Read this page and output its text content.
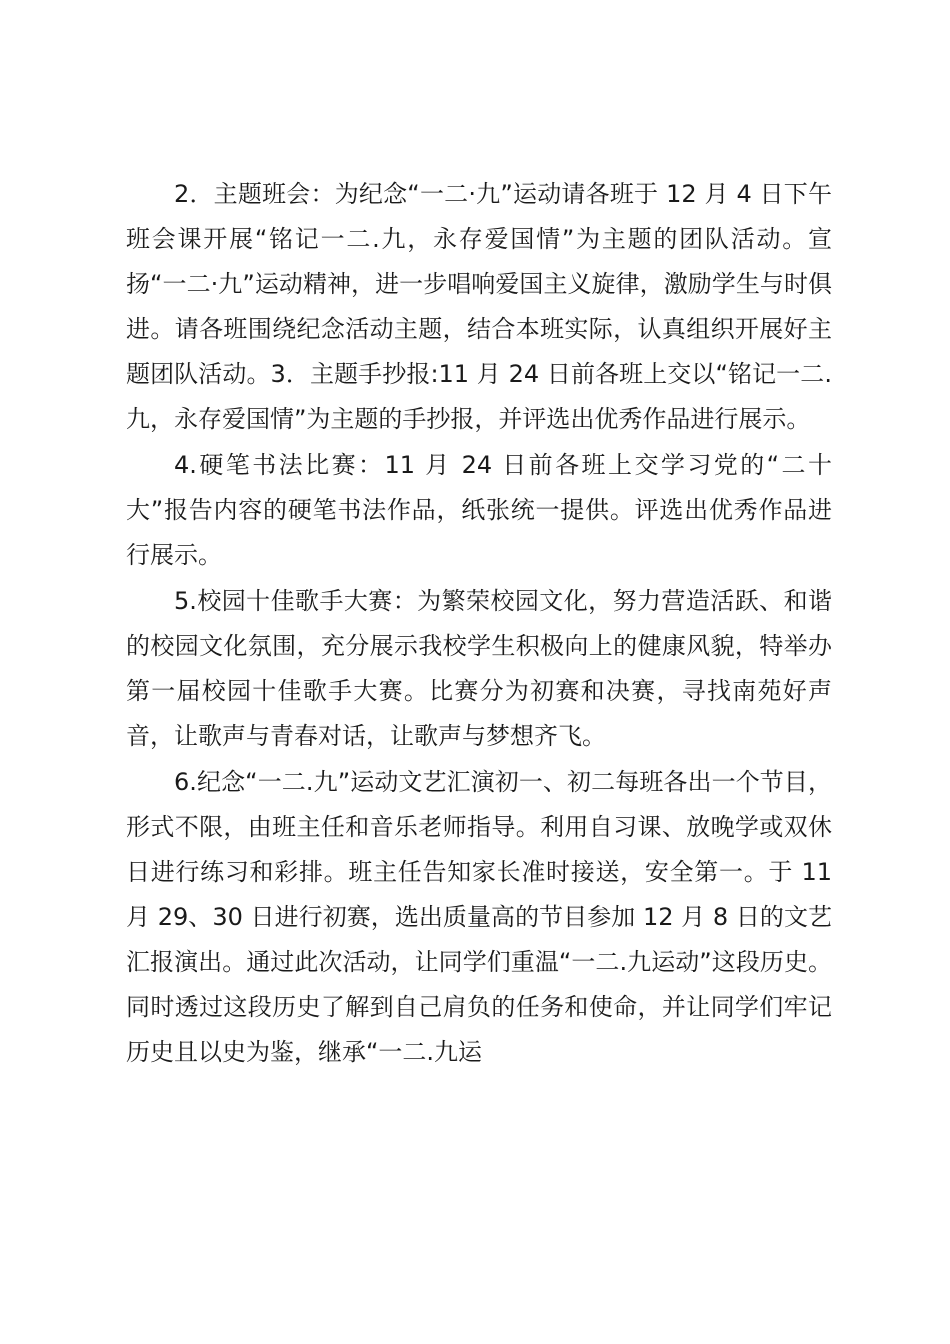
2．主题班会：为纪念“一二·九”运动请各班于 12 月 4 日下午班会课开展“铭记一二.九，永存爱国情”为主题的团队活动。宣扬“一二·九”运动精神，进一步唱响爱国主义旋律，激励学生与时俱进。请各班围绕纪念活动主题，结合本班实际，认真组织开展好主题团队活动。3．主题手抄报:11 月 24 日前各班上交以“铭记一二.九，永存爱国情”为主题的手抄报，并评选出优秀作品进行展示。

4.硬笔书法比赛：11 月 24 日前各班上交学习党的“二十大”报告内容的硬笔书法作品，纸张统一提供。评选出优秀作品进行展示。

5.校园十佳歌手大赛：为繁荣校园文化，努力营造活跃、和谐的校园文化氛围，充分展示我校学生积极向上的健康风貌，特举办第一届校园十佳歌手大赛。比赛分为初赛和决赛，寻找南苑好声音，让歌声与青春对话，让歌声与梦想齐飞。

6.纪念“一二.九”运动文艺汇演初一、初二每班各出一个节目，形式不限，由班主任和音乐老师指导。利用自习课、放晚学或双休日进行练习和彩排。班主任告知家长准时接送，安全第一。于 11 月 29、30 日进行初赛，选出质量高的节目参加 12 月 8 日的文艺汇报演出。通过此次活动，让同学们重温“一二.九运动”这段历史。同时透过这段历史了解到自己肩负的任务和使命，并让同学们牢记历史且以史为鉴，继承“一二.九运
